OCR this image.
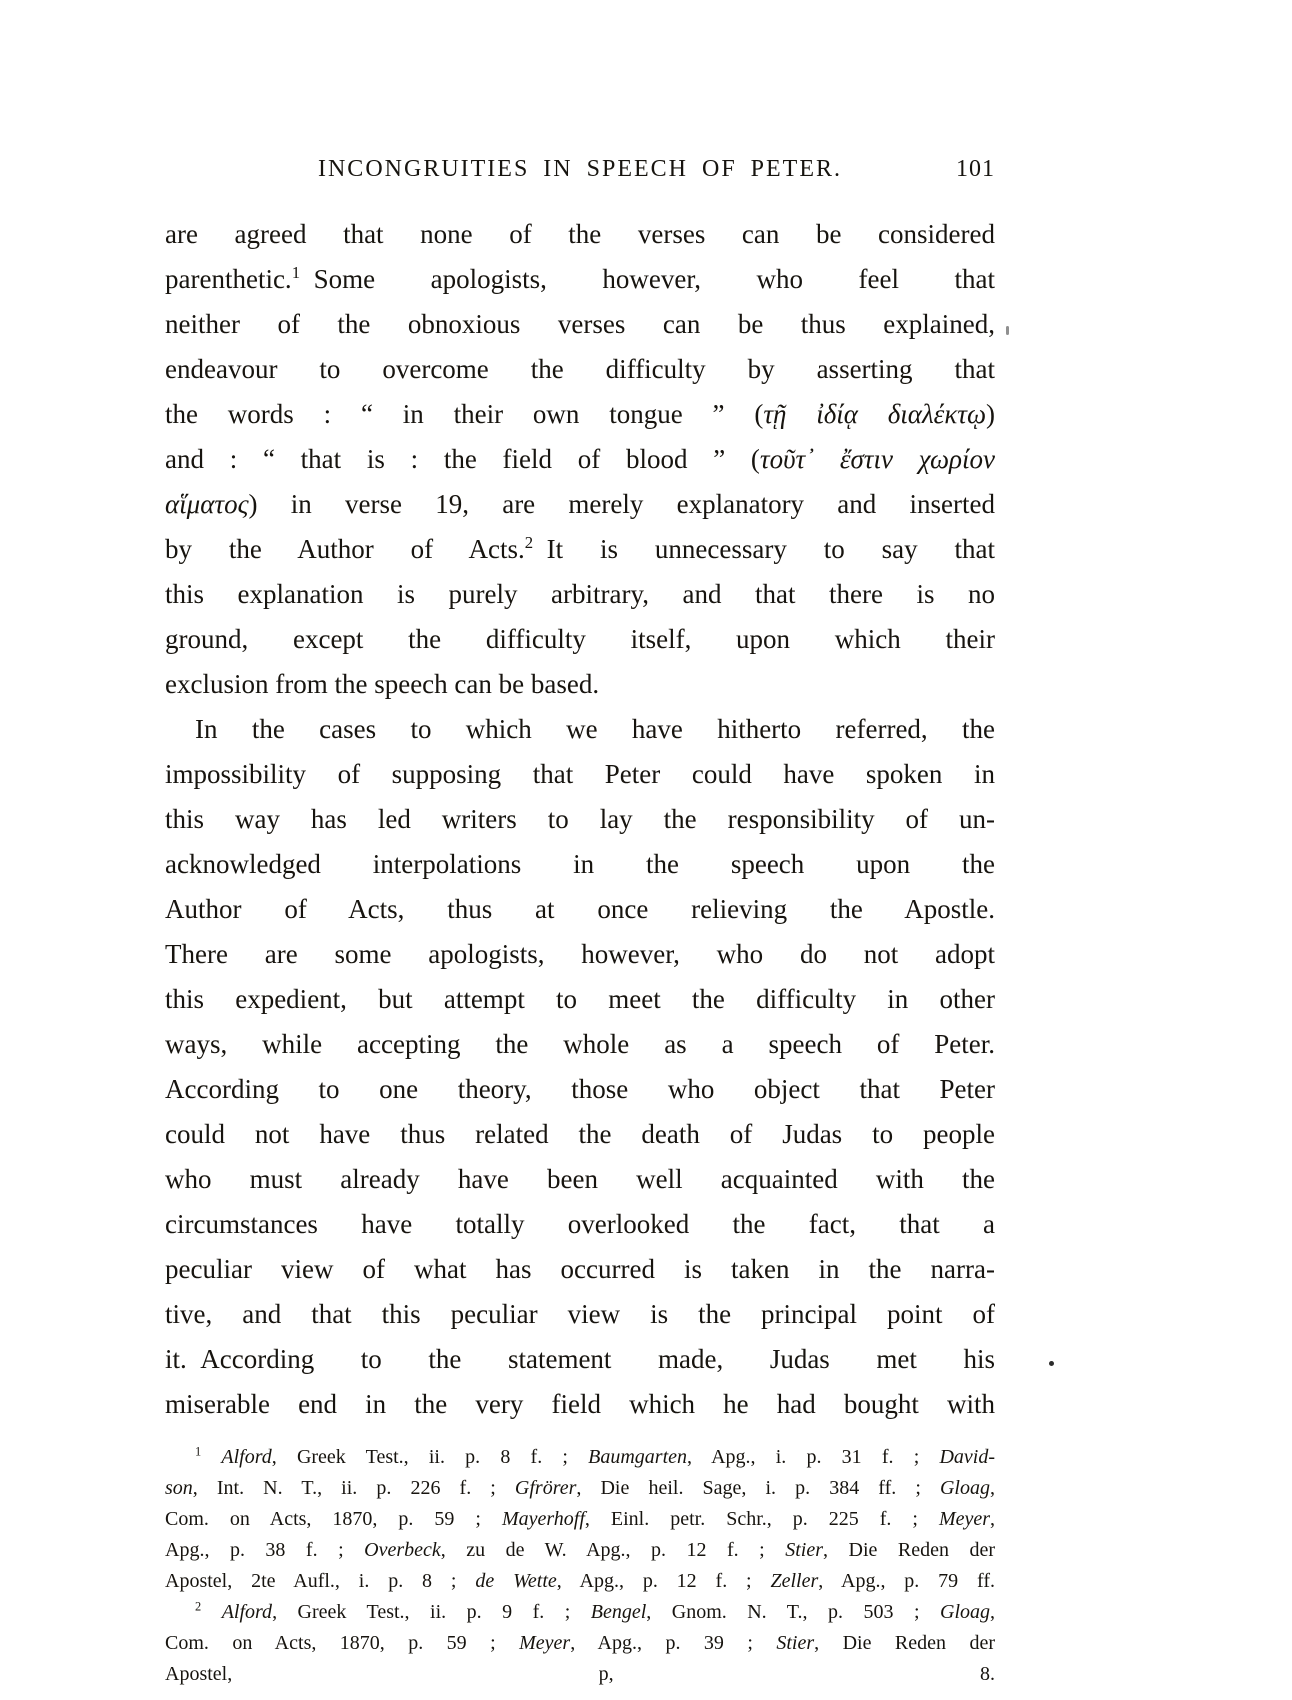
INCONGRUITIES IN SPEECH OF PETER.	101
are agreed that none of the verses can be considered
parenthetic.$^1$ Some apologists, however, who feel that
neither of the obnoxious verses can be thus explained,
endeavour to overcome the difficulty by asserting that
the words : “ in their own tongue ” (τῇ ἰδίᾳ διαλέκτῳ)
and : “ that is : the field of blood ” (τοῦτ᾽ ἔστιν χωρίον
αἵματος) in verse 19, are merely explanatory and inserted
by the Author of Acts.$^2$ It is unnecessary to say that
this explanation is purely arbitrary, and that there is no
ground, except the difficulty itself, upon which their
exclusion from the speech can be based.
In the cases to which we have hitherto referred, the
impossibility of supposing that Peter could have spoken in
this way has led writers to lay the responsibility of un-
acknowledged interpolations in the speech upon the
Author of Acts, thus at once relieving the Apostle.
There are some apologists, however, who do not adopt
this expedient, but attempt to meet the difficulty in other
ways, while accepting the whole as a speech of Peter.
According to one theory, those who object that Peter
could not have thus related the death of Judas to people
who must already have been well acquainted with the
circumstances have totally overlooked the fact, that a
peculiar view of what has occurred is taken in the narra-
tive, and that this peculiar view is the principal point of
it. According to the statement made, Judas met his
miserable end in the very field which he had bought with
$^1$ Alford, Greek Test., ii. p. 8 f. ; Baumgarten, Apg., i. p. 31 f. ; David-
son, Int. N. T., ii. p. 226 f. ; Gfrörer, Die heil. Sage, i. p. 384 ff. ; Gloag,
Com. on Acts, 1870, p. 59 ; Mayerhoff, Einl. petr. Schr., p. 225 f. ; Meyer,
Apg., p. 38 f. ; Overbeck, zu de W. Apg., p. 12 f. ; Stier, Die Reden der
Apostel, 2te Aufl., i. p. 8 ; de Wette, Apg., p. 12 f. ; Zeller, Apg., p. 79 ff.
$^2$ Alford, Greek Test., ii. p. 9 f. ; Bengel, Gnom. N. T., p. 503 ; Gloag,
Com. on Acts, 1870, p. 59 ; Meyer, Apg., p. 39 ; Stier, Die Reden der
Apostel, p, 8.
